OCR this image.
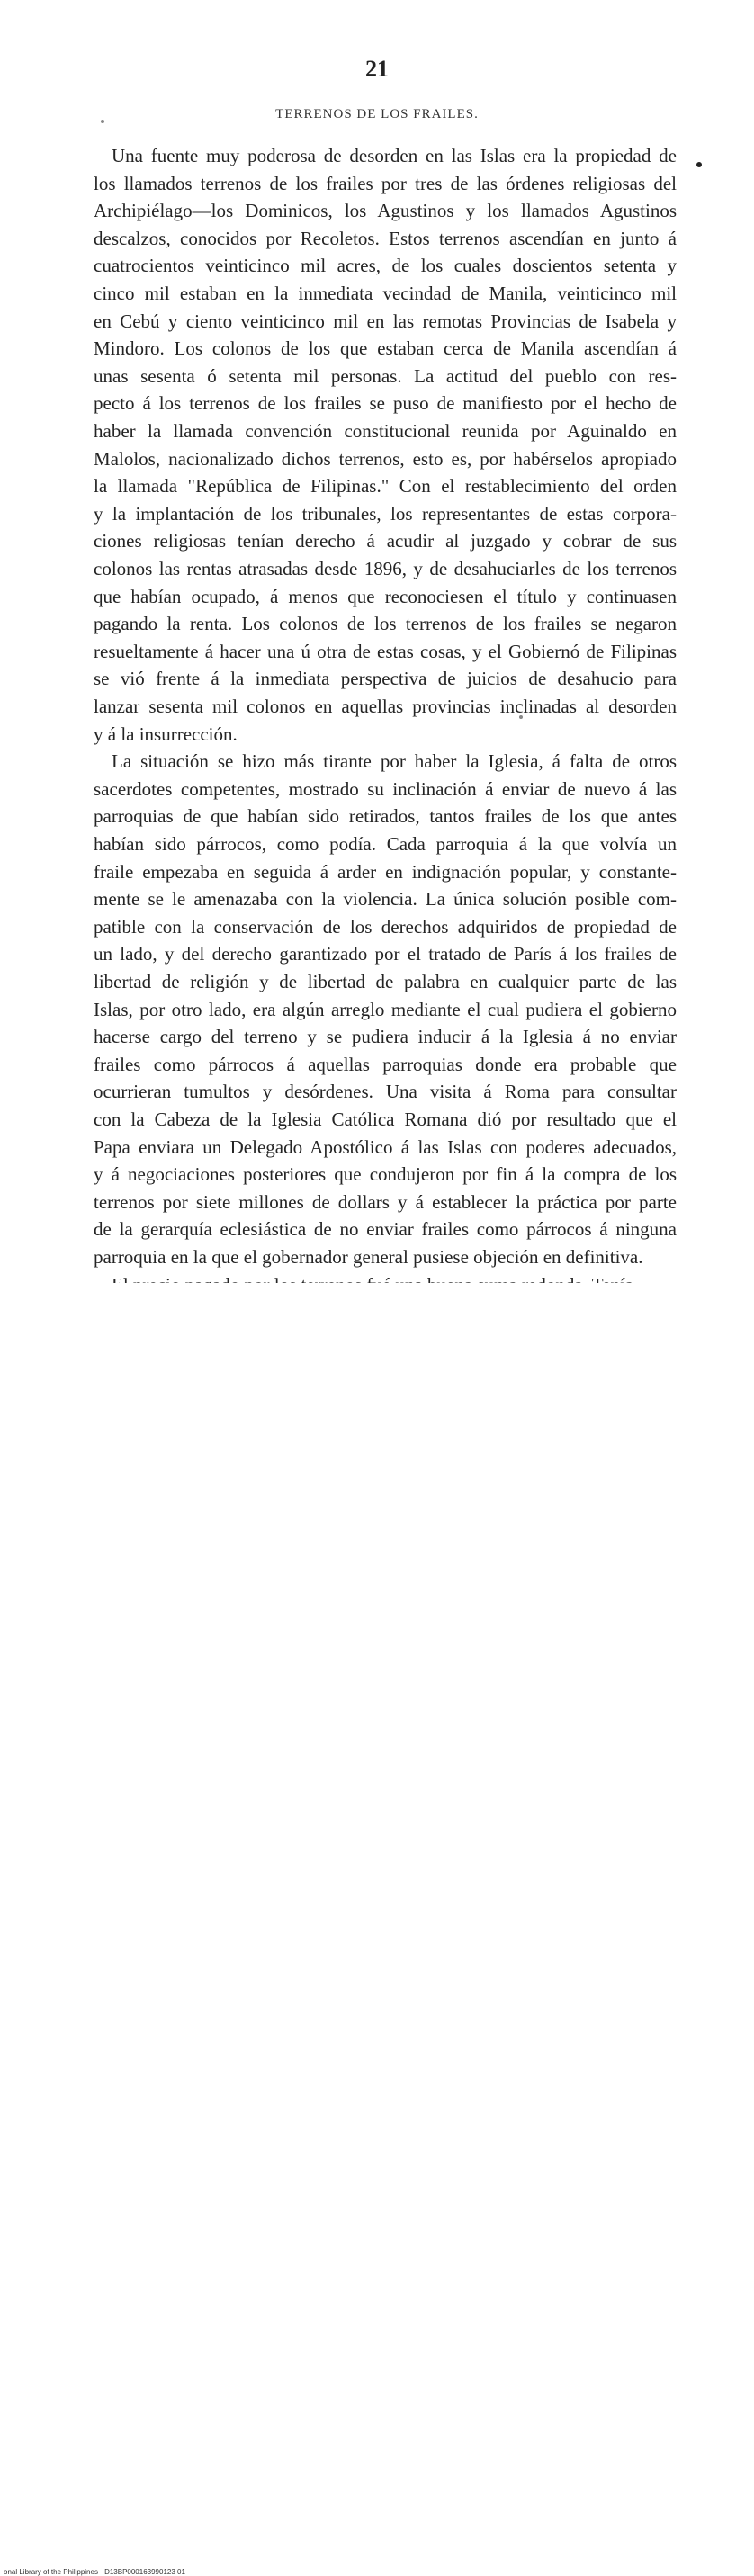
21
TERRENOS DE LOS FRAILES.
Una fuente muy poderosa de desorden en las Islas era la propiedad de
los llamados terrenos de los frailes por tres de las órdenes religiosas del
Archipiélago—los Dominicos, los Agustinos y los llamados Agustinos
descalzos, conocidos por Recoletos. Estos terrenos ascendían en junto á
cuatrocientos veinticinco mil acres, de los cuales doscientos setenta y
cinco mil estaban en la inmediata vecindad de Manila, veinticinco mil
en Cebú y ciento veinticinco mil en las remotas Provincias de Isabela y
Mindoro. Los colonos de los que estaban cerca de Manila ascendían á
unas sesenta ó setenta mil personas. La actitud del pueblo con res-
pecto á los terrenos de los frailes se puso de manifiesto por el hecho de
haber la llamada convención constitucional reunida por Aguinaldo en
Malolos, nacionalizado dichos terrenos, esto es, por habérselos apropiado
la llamada "República de Filipinas." Con el restablecimiento del orden
y la implantación de los tribunales, los representantes de estas corpora-
ciones religiosas tenían derecho á acudir al juzgado y cobrar de sus
colonos las rentas atrasadas desde 1896, y de desahuciarles de los terrenos
que habían ocupado, á menos que reconociesen el título y continuasen
pagando la renta. Los colonos de los terrenos de los frailes se negaron
resueltamente á hacer una ú otra de estas cosas, y el Gobiernó de Filipinas
se vió frente á la inmediata perspectiva de juicios de desahucio para
lanzar sesenta mil colonos en aquellas provincias inclinadas al desorden
y á la insurrección.
La situación se hizo más tirante por haber la Iglesia, á falta de otros
sacerdotes competentes, mostrado su inclinación á enviar de nuevo á las
parroquias de que habían sido retirados, tantos frailes de los que antes
habían sido párrocos, como podía. Cada parroquia á la que volvía un
fraile empezaba en seguida á arder en indignación popular, y constante-
mente se le amenazaba con la violencia. La única solución posible com-
patible con la conservación de los derechos adquiridos de propiedad de
un lado, y del derecho garantizado por el tratado de París á los frailes de
libertad de religión y de libertad de palabra en cualquier parte de las
Islas, por otro lado, era algún arreglo mediante el cual pudiera el gobierno
hacerse cargo del terreno y se pudiera inducir á la Iglesia á no enviar
frailes como párrocos á aquellas parroquias donde era probable que
ocurrieran tumultos y desórdenes. Una visita á Roma para consultar
con la Cabeza de la Iglesia Católica Romana dió por resultado que el
Papa enviara un Delegado Apostólico á las Islas con poderes adecuados,
y á negociaciones posteriores que condujeron por fin á la compra de los
terrenos por siete millones de dollars y á establecer la práctica por parte
de la gerarquía eclesiástica de no enviar frailes como párrocos á ninguna
parroquia en la que el gobernador general pusiese objeción en definitiva.
onal Library of the Philippines · D13BP000163990123 01
